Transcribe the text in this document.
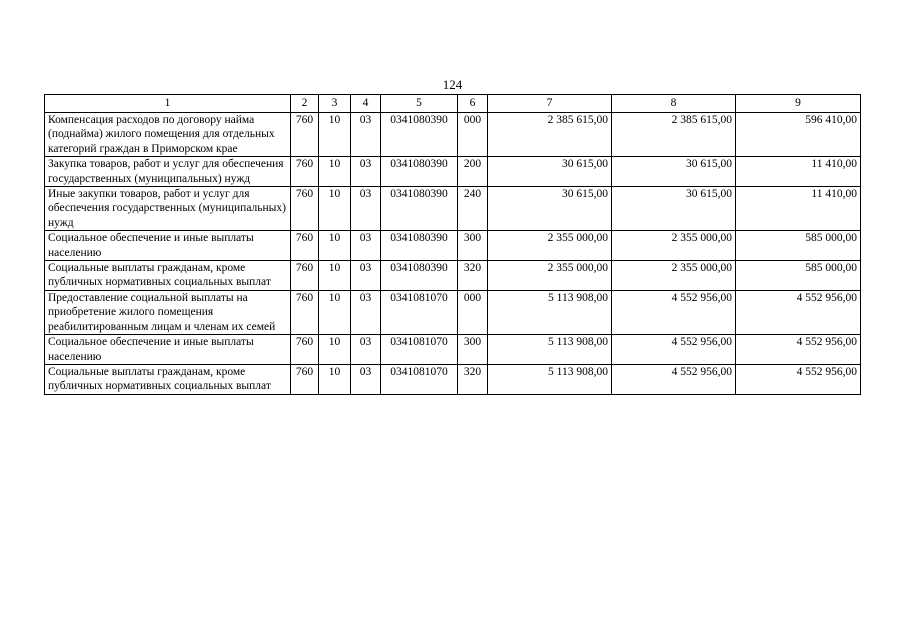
124
1	2	3	4	5	6	7	8	9
Компенсация расходов по договору найма (поднайма) жилого помещения для отдельных категорий граждан в Приморском крае	760	10	03	0341080390	000	2 385 615,00	2 385 615,00	596 410,00
Закупка товаров, работ и услуг для обеспечения государственных (муниципальных) нужд	760	10	03	0341080390	200	30 615,00	30 615,00	11 410,00
Иные закупки товаров, работ и услуг для обеспечения государственных (муниципальных) нужд	760	10	03	0341080390	240	30 615,00	30 615,00	11 410,00
Социальное обеспечение и иные выплаты населению	760	10	03	0341080390	300	2 355 000,00	2 355 000,00	585 000,00
Социальные выплаты гражданам, кроме публичных нормативных социальных выплат	760	10	03	0341080390	320	2 355 000,00	2 355 000,00	585 000,00
Предоставление социальной выплаты на приобретение жилого помещения реабилитированным лицам и членам их семей	760	10	03	0341081070	000	5 113 908,00	4 552 956,00	4 552 956,00
Социальное обеспечение и иные выплаты населению	760	10	03	0341081070	300	5 113 908,00	4 552 956,00	4 552 956,00
Социальные выплаты гражданам, кроме публичных нормативных социальных выплат	760	10	03	0341081070	320	5 113 908,00	4 552 956,00	4 552 956,00
